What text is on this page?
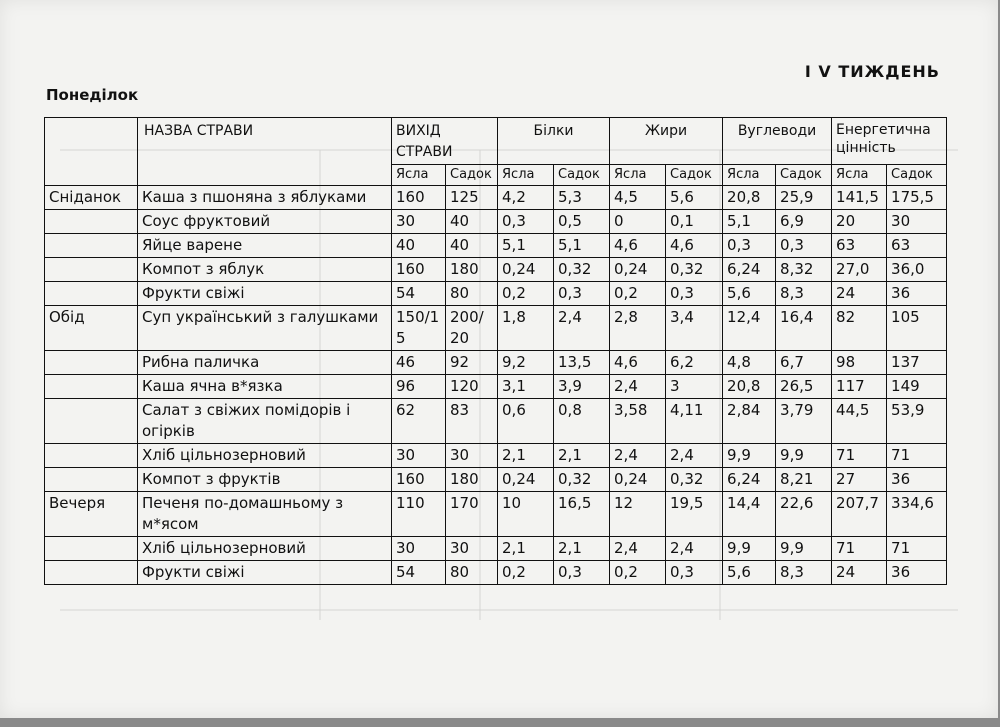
І V ТИЖДЕНЬ
Понеділок
	НАЗВА СТРАВИ	ВИХІД СТРАВИ		Білки		Жири		Вуглеводи		Енергетична цінність	
		Ясла	Садок	Ясла	Садок	Ясла	Садок	Ясла	Садок	Ясла	Садок
Сніданок	Каша з пшоняна з яблуками	160	125	4,2	5,3	4,5	5,6	20,8	25,9	141,5	175,5
	Соус фруктовий	30	40	0,3	0,5	0	0,1	5,1	6,9	20	30
	Яйце варене	40	40	5,1	5,1	4,6	4,6	0,3	0,3	63	63
	Компот з яблук	160	180	0,24	0,32	0,24	0,32	6,24	8,32	27,0	36,0
	Фрукти свіжі	54	80	0,2	0,3	0,2	0,3	5,6	8,3	24	36
Обід	Суп український з галушками	150/15	200/20	1,8	2,4	2,8	3,4	12,4	16,4	82	105
	Рибна паличка	46	92	9,2	13,5	4,6	6,2	4,8	6,7	98	137
	Каша ячна в*язка	96	120	3,1	3,9	2,4	3	20,8	26,5	117	149
	Салат з свіжих помідорів і огірків	62	83	0,6	0,8	3,58	4,11	2,84	3,79	44,5	53,9
	Хліб цільнозерновий	30	30	2,1	2,1	2,4	2,4	9,9	9,9	71	71
	Компот з фруктів	160	180	0,24	0,32	0,24	0,32	6,24	8,21	27	36
Вечеря	Печеня по-домашньому з м*ясом	110	170	10	16,5	12	19,5	14,4	22,6	207,7	334,6
	Хліб цільнозерновий	30	30	2,1	2,1	2,4	2,4	9,9	9,9	71	71
	Фрукти свіжі	54	80	0,2	0,3	0,2	0,3	5,6	8,3	24	36
